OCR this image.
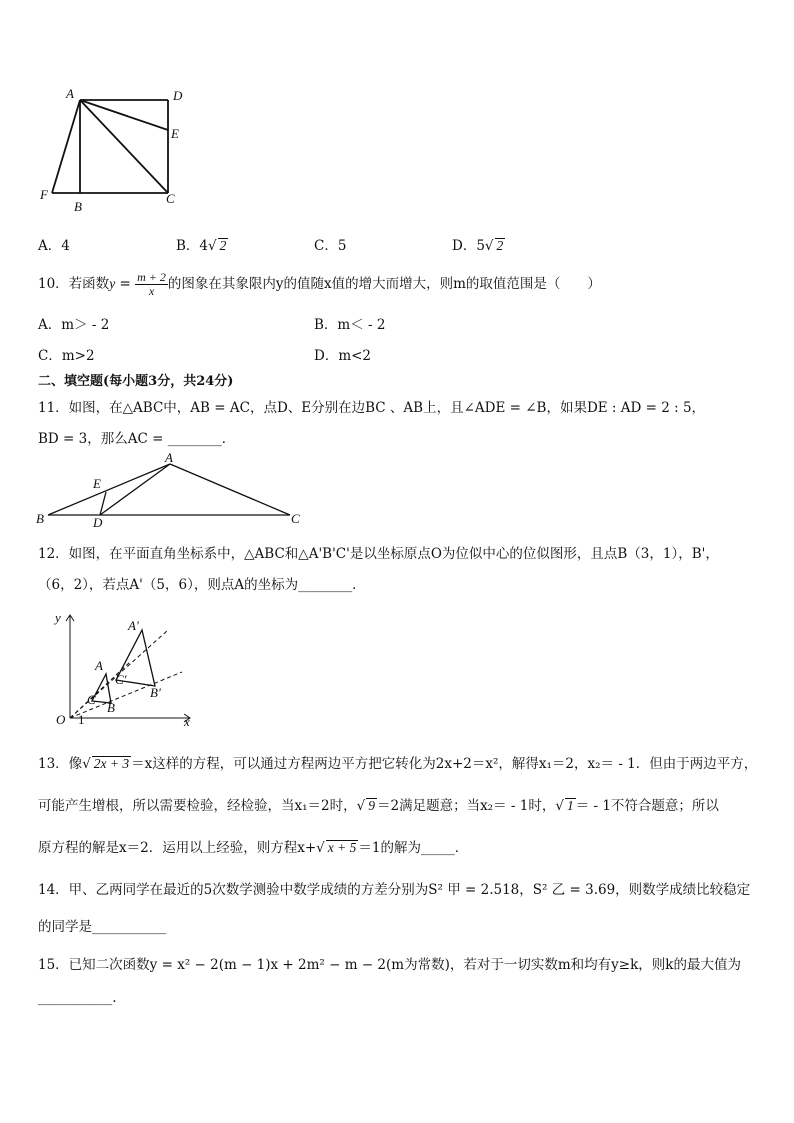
A	D
E
F
B
C
A．4	B．4√ 2	C．5	D．5√ 2
10．若函数$y = \frac{m + 2}{x}$ 的图象在其象限内y的值随x值的增大而增大，则m的取值范围是（　　）
A．m＞ - 2	B．m＜ - 2
C．m>2	D．m<2
二、填空题(每小题3分，共24分)
11．如图，在△ABC中，AB = AC，点D、E分别在边BC 、AB上，且∠ADE = ∠B，如果DE : AD = 2 : 5，
BD = 3，那么AC = ________．
A
E
B	D	C
12．如图，在平面直角坐标系中，△ABC和△A'B'C'是以坐标原点O为位似中心的位似图形，且点B（3，1），B'，
（6，2），若点A'（5，6），则点A的坐标为________．
y
x
O 1
A'
A
C'
C
B
B'
13．像√ 2x + 3 ＝x这样的方程，可以通过方程两边平方把它转化为2x+2＝x²，解得x₁＝2，x₂＝ - 1．但由于两边平方，
可能产生增根，所以需要检验，经检验，当x₁＝2时，√ 9 ＝2满足题意；当x₂＝ - 1时，√ 1 ＝ - 1不符合题意；所以
原方程的解是x＝2．运用以上经验，则方程x+√ x + 5 ＝1的解为_____．
14．甲、乙两同学在最近的5次数学测验中数学成绩的方差分别为S² 甲 = 2.518，S² 乙 = 3.69，则数学成绩比较稳定
的同学是___________
15．已知二次函数y = x² − 2(m − 1)x + 2m² − m − 2(m为常数)，若对于一切实数m和均有y≥k，则k的最大值为
___________.
